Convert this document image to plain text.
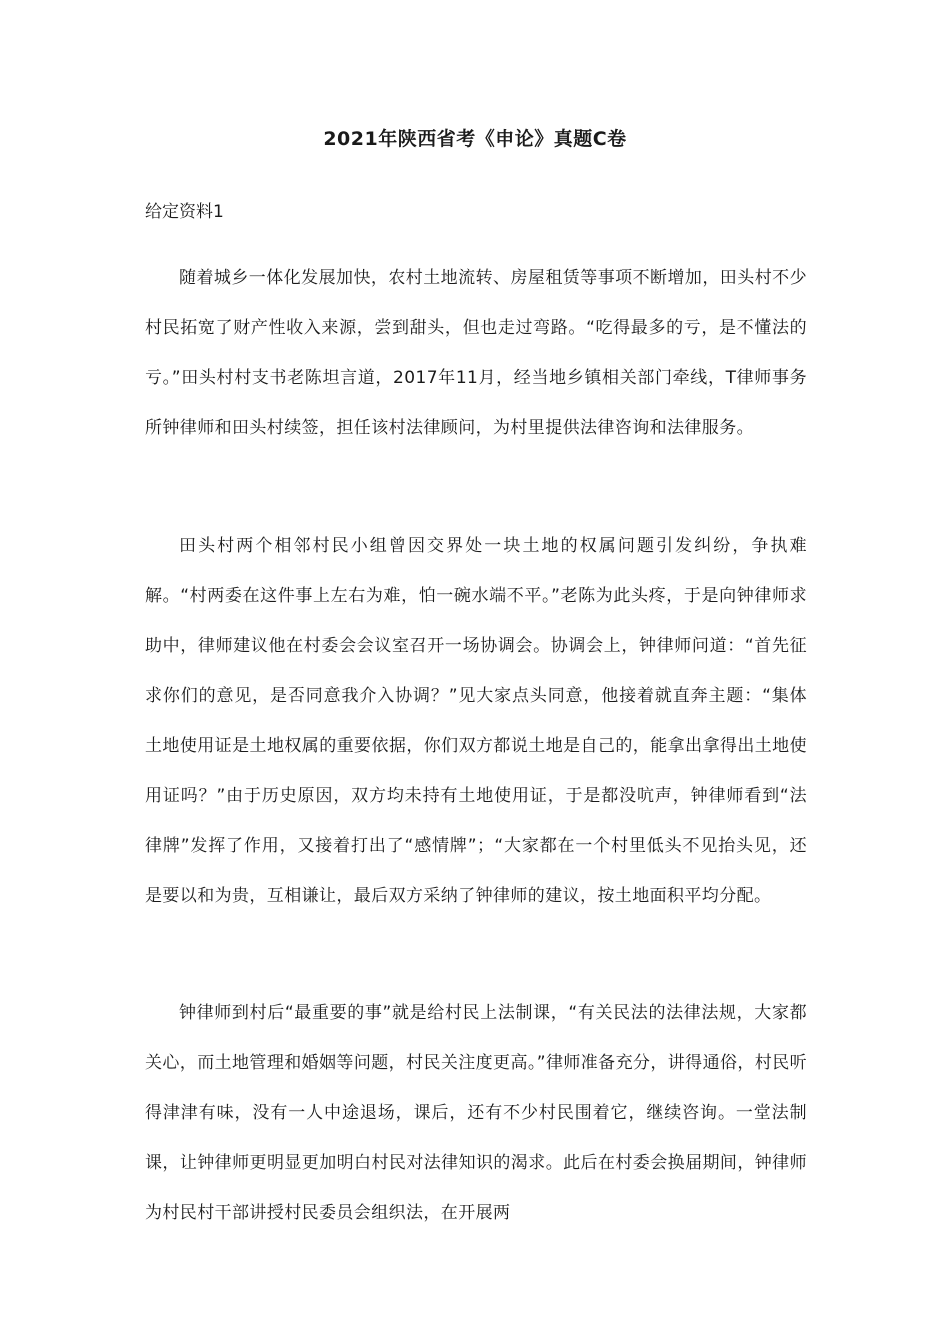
2021年陕西省考《申论》真题C卷
给定资料1

随着城乡一体化发展加快，农村土地流转、房屋租赁等事项不断增加，田头村不少村民拓宽了财产性收入来源，尝到甜头，但也走过弯路。“吃得最多的亏，是不懂法的亏。”田头村村支书老陈坦言道，2017年11月，经当地乡镇相关部门牵线，T律师事务所钟律师和田头村续签，担任该村法律顾问，为村里提供法律咨询和法律服务。

田头村两个相邻村民小组曾因交界处一块土地的权属问题引发纠纷，争执难解。“村两委在这件事上左右为难，怕一碗水端不平。”老陈为此头疼，于是向钟律师求助中，律师建议他在村委会会议室召开一场协调会。协调会上，钟律师问道：“首先征求你们的意见，是否同意我介入协调？”见大家点头同意，他接着就直奔主题：“集体土地使用证是土地权属的重要依据，你们双方都说土地是自己的，能拿出拿得出土地使用证吗？”由于历史原因，双方均未持有土地使用证，于是都没吭声，钟律师看到“法律牌”发挥了作用，又接着打出了“感情牌”；“大家都在一个村里低头不见抬头见，还是要以和为贵，互相谦让，最后双方采纳了钟律师的建议，按土地面积平均分配。

钟律师到村后“最重要的事”就是给村民上法制课，“有关民法的法律法规，大家都关心，而土地管理和婚姻等问题，村民关注度更高。”律师准备充分，讲得通俗，村民听得津津有味，没有一人中途退场，课后，还有不少村民围着它，继续咨询。一堂法制课，让钟律师更明显更加明白村民对法律知识的渴求。此后在村委会换届期间，钟律师为村民村干部讲授村民委员会组织法，在开展两
